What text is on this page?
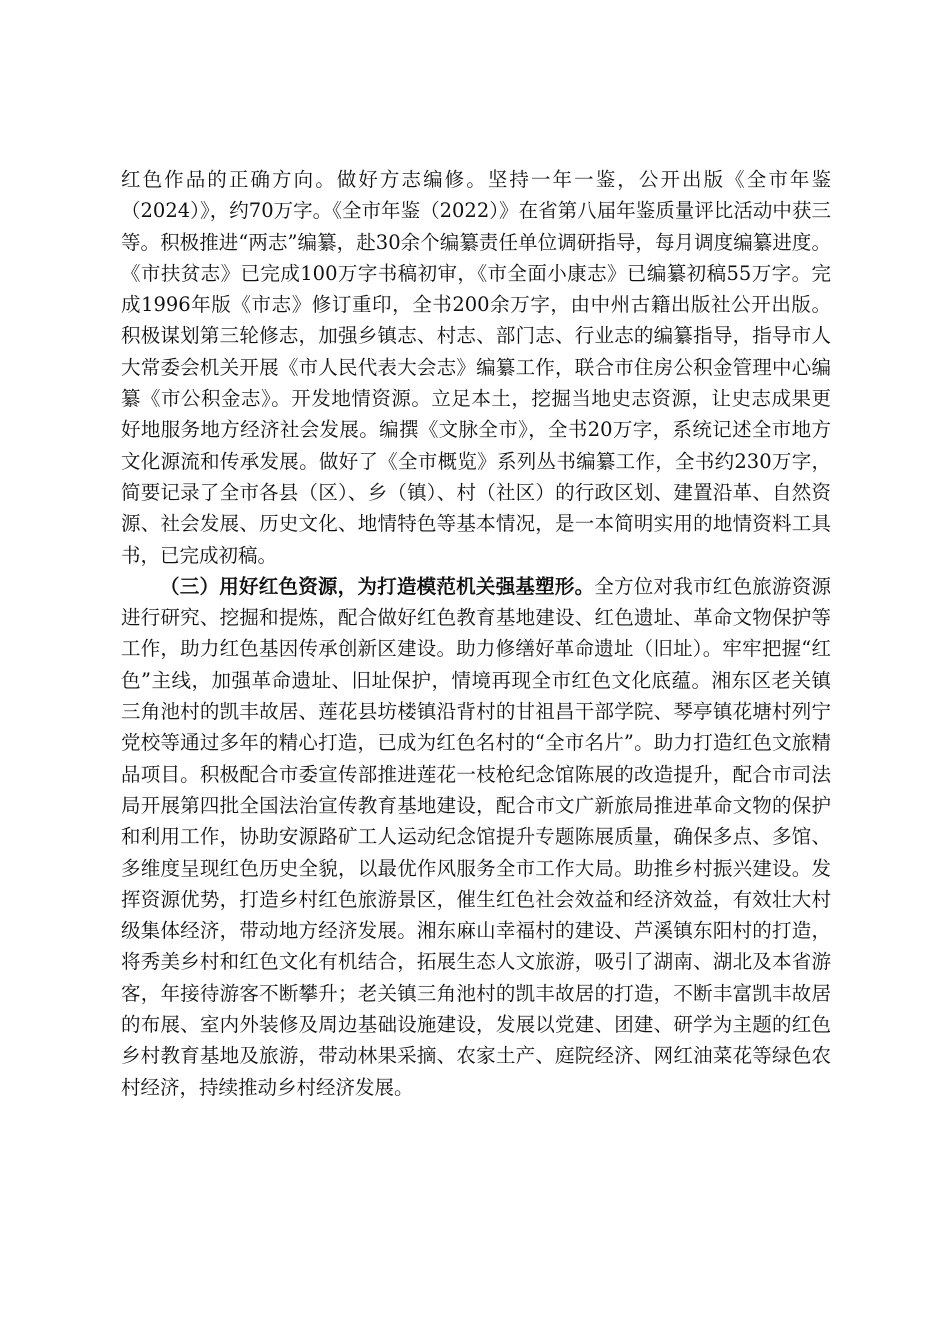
红色作品的正确方向。做好方志编修。坚持一年一鉴，公开出版《全市年鉴（2024）》，约70万字。《全市年鉴（2022）》在省第八届年鉴质量评比活动中获三等。积极推进“两志”编纂，赴30余个编纂责任单位调研指导，每月调度编纂进度。《市扶贫志》已完成100万字书稿初审，《市全面小康志》已编纂初稿55万字。完成1996年版《市志》修订重印，全书200余万字，由中州古籍出版社公开出版。积极谋划第三轮修志，加强乡镇志、村志、部门志、行业志的编纂指导，指导市人大常委会机关开展《市人民代表大会志》编纂工作，联合市住房公积金管理中心编纂《市公积金志》。开发地情资源。立足本土，挖掘当地史志资源，让史志成果更好地服务地方经济社会发展。编撰《文脉全市》，全书20万字，系统记述全市地方文化源流和传承发展。做好了《全市概览》系列丛书编纂工作，全书约230万字，简要记录了全市各县（区）、乡（镇）、村（社区）的行政区划、建置沿革、自然资源、社会发展、历史文化、地情特色等基本情况，是一本简明实用的地情资料工具书，已完成初稿。

（三）用好红色资源，为打造模范机关强基塑形。全方位对我市红色旅游资源进行研究、挖掘和提炼，配合做好红色教育基地建设、红色遗址、革命文物保护等工作，助力红色基因传承创新区建设。助力修缮好革命遗址（旧址）。牢牢把握“红色”主线，加强革命遗址、旧址保护，情境再现全市红色文化底蕴。湘东区老关镇三角池村的凯丰故居、莲花县坊楼镇沿背村的甘祖昌干部学院、琴亭镇花塘村列宁党校等通过多年的精心打造，已成为红色名村的“全市名片”。助力打造红色文旅精品项目。积极配合市委宣传部推进莲花一枝枪纪念馆陈展的改造提升，配合市司法局开展第四批全国法治宣传教育基地建设，配合市文广新旅局推进革命文物的保护和利用工作，协助安源路矿工人运动纪念馆提升专题陈展质量，确保多点、多馆、多维度呈现红色历史全貌，以最优作风服务全市工作大局。助推乡村振兴建设。发挥资源优势，打造乡村红色旅游景区，催生红色社会效益和经济效益，有效壮大村级集体经济，带动地方经济发展。湘东麻山幸福村的建设、芦溪镇东阳村的打造，将秀美乡村和红色文化有机结合，拓展生态人文旅游，吸引了湖南、湖北及本省游客，年接待游客不断攀升；老关镇三角池村的凯丰故居的打造，不断丰富凯丰故居的布展、室内外装修及周边基础设施建设，发展以党建、团建、研学为主题的红色乡村教育基地及旅游，带动林果采摘、农家土产、庭院经济、网红油菜花等绿色农村经济，持续推动乡村经济发展。
